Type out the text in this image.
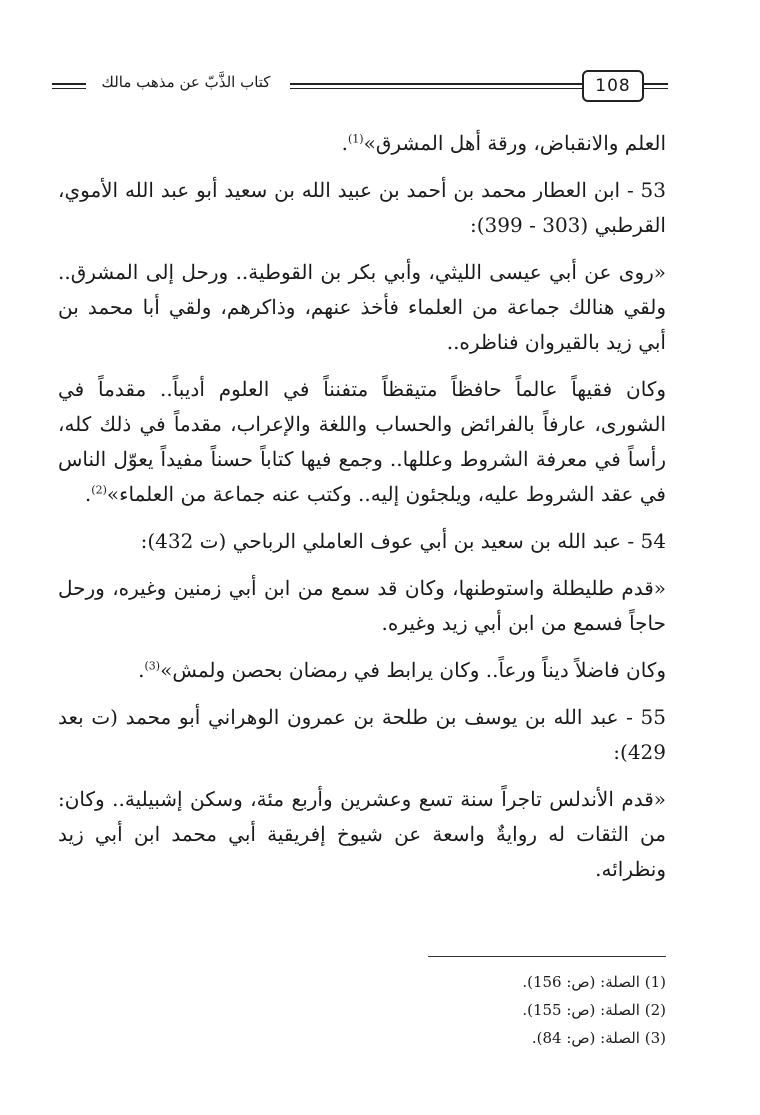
108
كتاب الذَّبّ عن مذهب مالك

العلم والانقباض، ورقة أهل المشرق»$^{(1)}$.

53 - ابن العطار محمد بن أحمد بن عبيد الله بن سعيد أبو عبد الله الأموي، القرطبي (303 - 399):

«روى عن أبي عيسى الليثي، وأبي بكر بن القوطية.. ورحل إلى المشرق.. ولقي هنالك جماعة من العلماء فأخذ عنهم، وذاكرهم، ولقي أبا محمد بن أبي زيد بالقيروان فناظره..

وكان فقيهاً عالماً حافظاً متيقظاً متفنناً في العلوم أديباً.. مقدماً في الشورى، عارفاً بالفرائض والحساب واللغة والإعراب، مقدماً في ذلك كله، رأساً في معرفة الشروط وعللها.. وجمع فيها كتاباً حسناً مفيداً يعوّل الناس في عقد الشروط عليه، ويلجئون إليه.. وكتب عنه جماعة من العلماء»$^{(2)}$.

54 - عبد الله بن سعيد بن أبي عوف العاملي الرباحي (ت 432):

«قدم طليطلة واستوطنها، وكان قد سمع من ابن أبي زمنين وغيره، ورحل حاجاً فسمع من ابن أبي زيد وغيره.

وكان فاضلاً ديناً ورعاً.. وكان يرابط في رمضان بحصن ولمش»$^{(3)}$.

55 - عبد الله بن يوسف بن طلحة بن عمرون الوهراني أبو محمد (ت بعد 429):

«قدم الأندلس تاجراً سنة تسع وعشرين وأربع مئة، وسكن إشبيلية.. وكان: من الثقات له روايةٌ واسعة عن شيوخ إفريقية أبي محمد ابن أبي زيد ونظرائه.

(1) الصلة: (ص: 156).

(2) الصلة: (ص: 155).

(3) الصلة: (ص: 84).
